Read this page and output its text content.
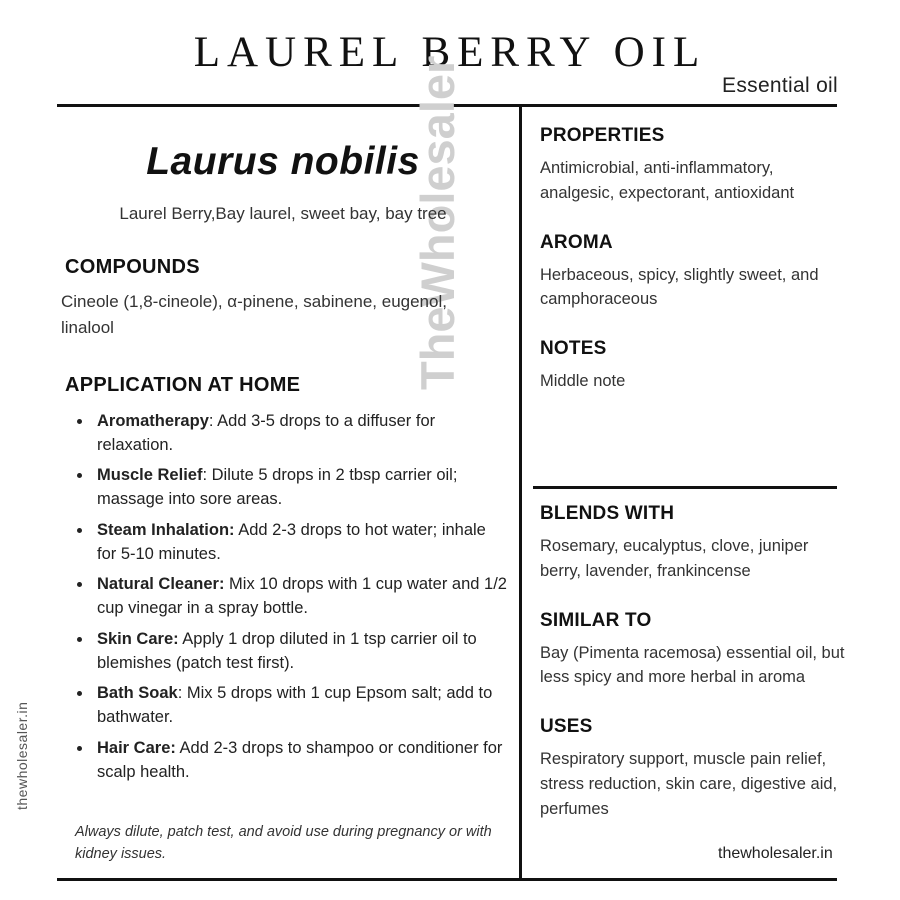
LAUREL BERRY OIL
Essential oil
TheWholesaler
thewholesaler.in
Laurus nobilis
Laurel Berry,Bay laurel, sweet bay, bay tree
COMPOUNDS
Cineole (1,8-cineole), α-pinene, sabinene, eugenol, linalool
APPLICATION AT HOME
• Aromatherapy: Add 3-5 drops to a diffuser for relaxation.
• Muscle Relief: Dilute 5 drops in 2 tbsp carrier oil; massage into sore areas.
• Steam Inhalation: Add 2-3 drops to hot water; inhale for 5-10 minutes.
• Natural Cleaner: Mix 10 drops with 1 cup water and 1/2 cup vinegar in a spray bottle.
• Skin Care: Apply 1 drop diluted in 1 tsp carrier oil to blemishes (patch test first).
• Bath Soak: Mix 5 drops with 1 cup Epsom salt; add to bathwater.
• Hair Care: Add 2-3 drops to shampoo or conditioner for scalp health.
Always dilute, patch test, and avoid use during pregnancy or with kidney issues.
PROPERTIES
Antimicrobial, anti-inflammatory, analgesic, expectorant, antioxidant
AROMA
Herbaceous, spicy, slightly sweet, and camphoraceous
NOTES
Middle note
BLENDS WITH
Rosemary, eucalyptus, clove, juniper berry, lavender, frankincense
SIMILAR TO
Bay (Pimenta racemosa) essential oil, but less spicy and more herbal in aroma
USES
Respiratory support, muscle pain relief, stress reduction, skin care, digestive aid, perfumes
thewholesaler.in
